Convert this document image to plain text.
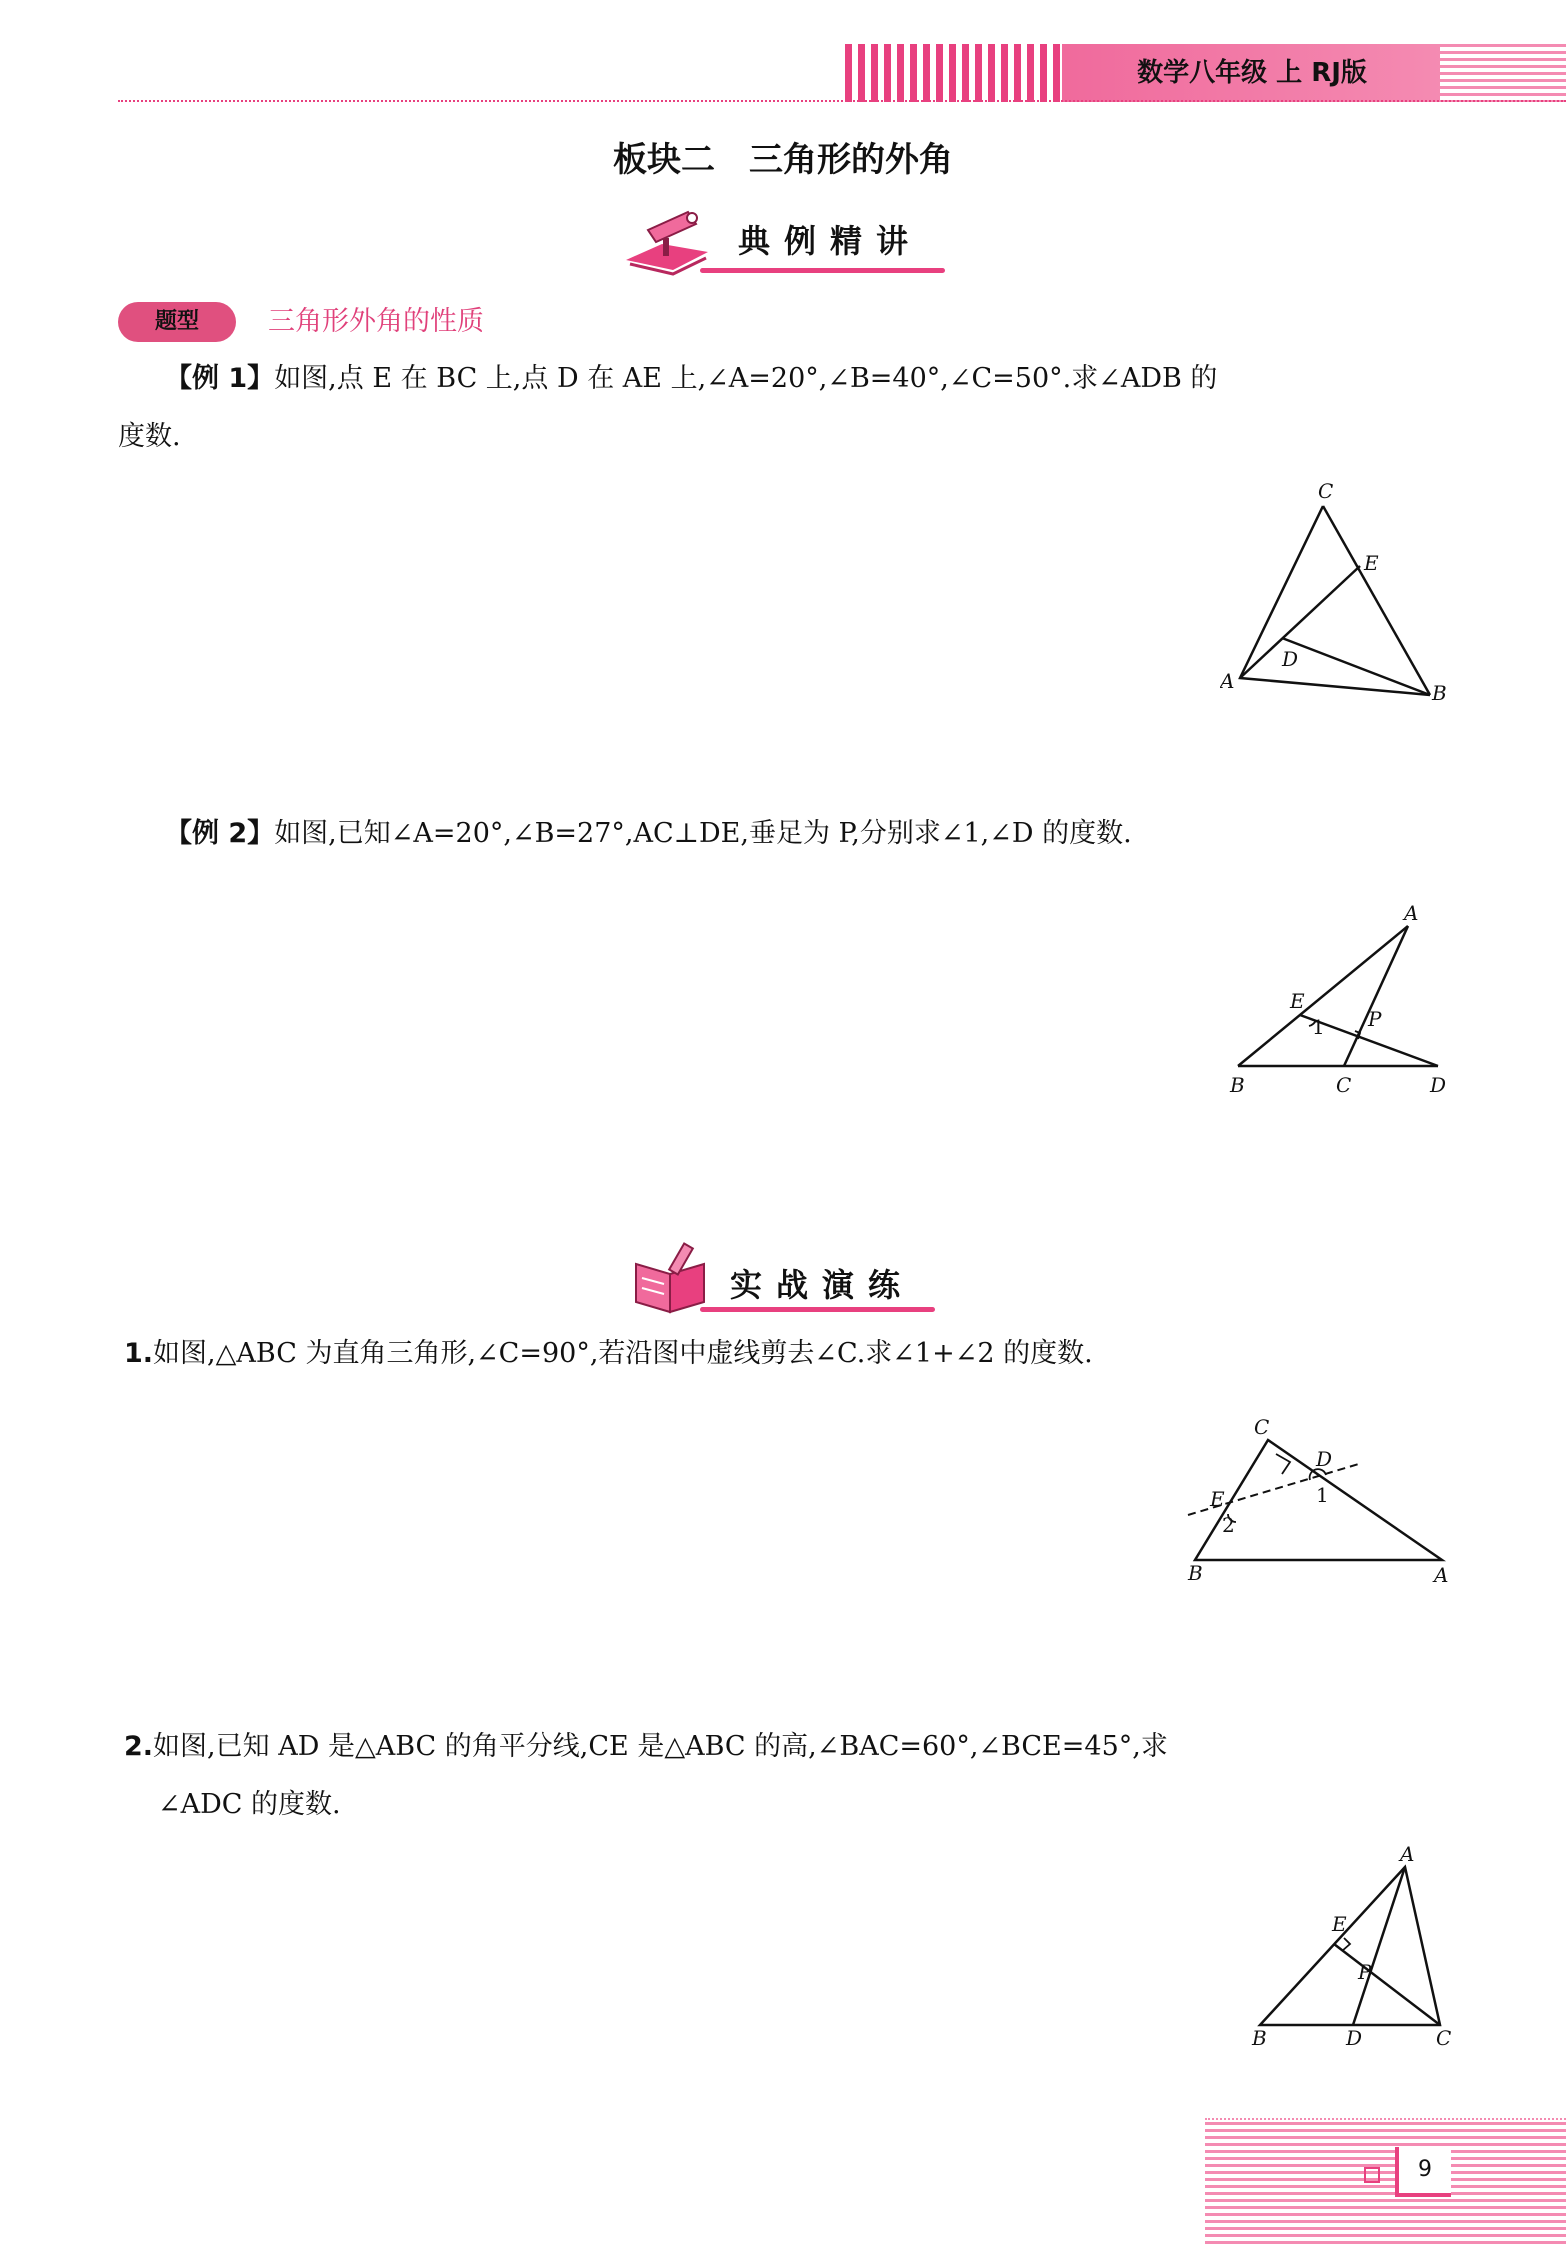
数学八年级 上 RJ版
板块二　三角形的外角
典例精讲
题型	三角形外角的性质
【例 1】如图,点 E 在 BC 上,点 D 在 AE 上,∠A=20°,∠B=40°,∠C=50°.求∠ADB 的
度数.
C
E
D
A	B
【例 2】如图,已知∠A=20°,∠B=27°,AC⊥DE,垂足为 P,分别求∠1,∠D 的度数.
A
E
1 P
B	C	D
实战演练
1.如图,△ABC 为直角三角形,∠C=90°,若沿图中虚线剪去∠C.求∠1+∠2 的度数.
C
D
E	1
2
B	A
2.如图,已知 AD 是△ABC 的角平分线,CE 是△ABC 的高,∠BAC=60°,∠BCE=45°,求
∠ADC 的度数.
A
E
P
B	D	C
9
